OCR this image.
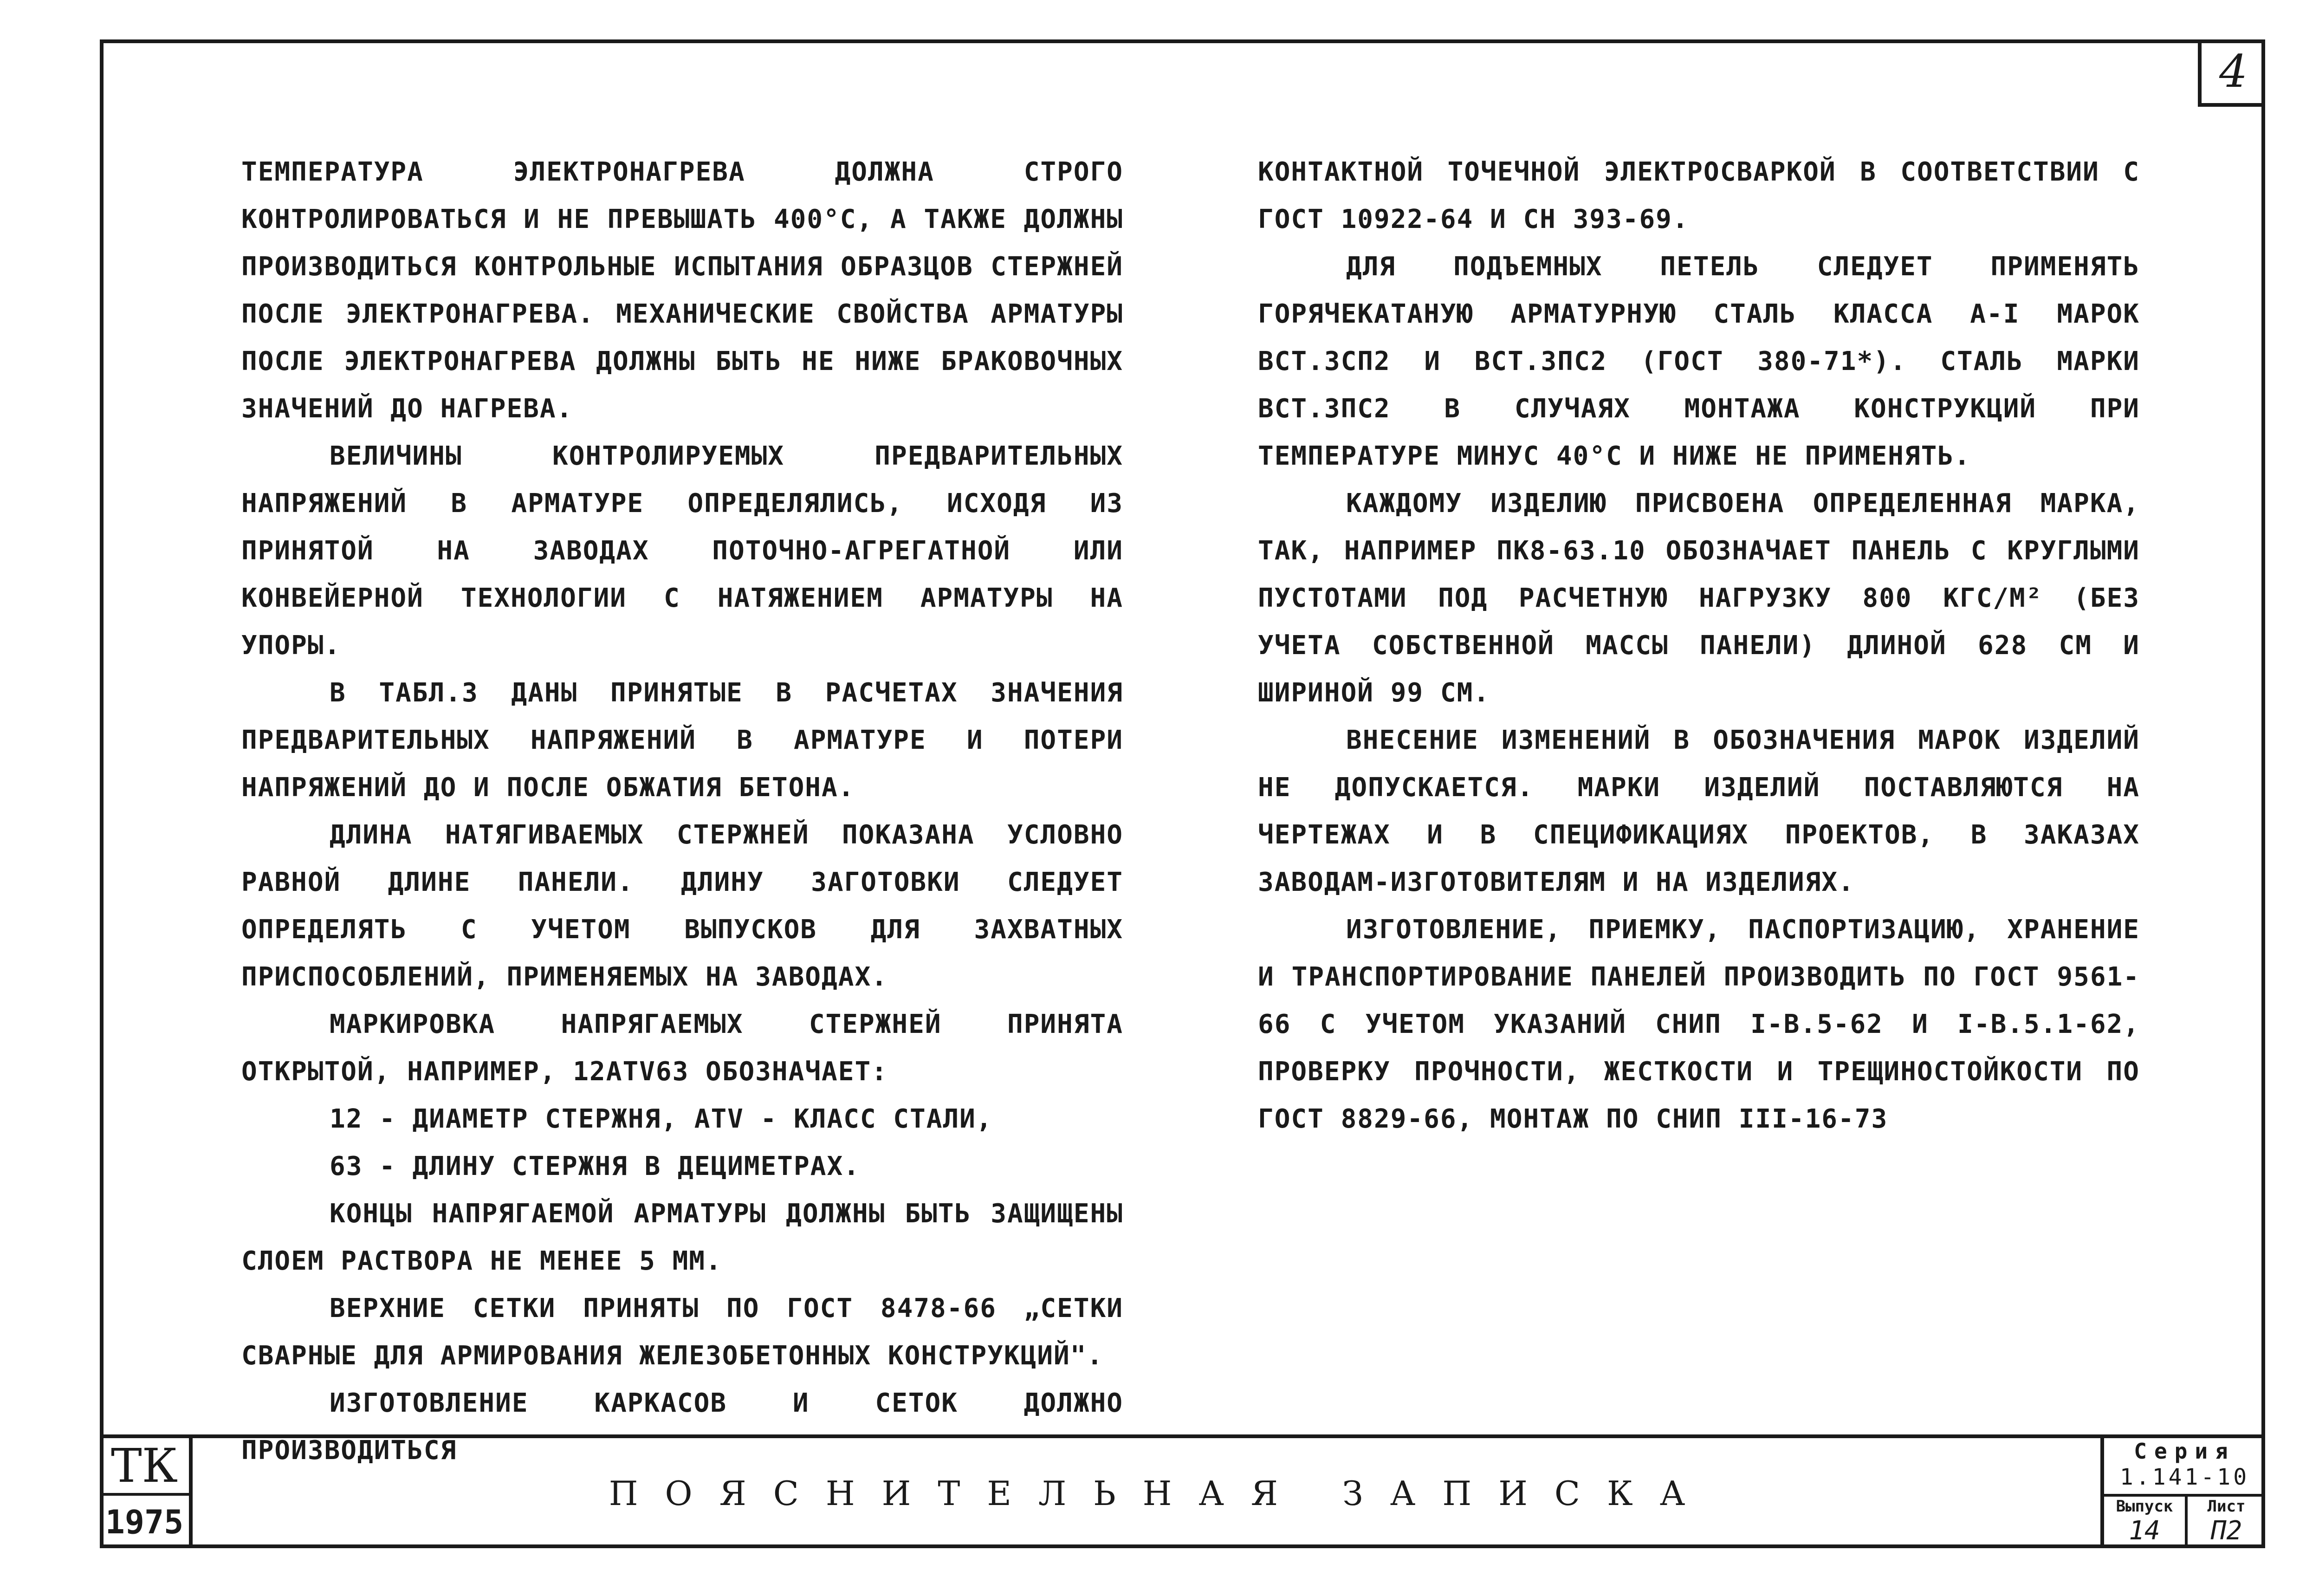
4

ТЕМПЕРАТУРА ЭЛЕКТРОНАГРЕВА ДОЛЖНА СТРОГО КОНТРОЛИРОВАТЬСЯ И НЕ ПРЕВЫШАТЬ 400°С, А ТАКЖЕ ДОЛЖНЫ ПРОИЗВОДИТЬСЯ КОНТРОЛЬНЫЕ ИСПЫТАНИЯ ОБРАЗЦОВ СТЕРЖНЕЙ ПОСЛЕ ЭЛЕКТРОНАГРЕВА. МЕХАНИЧЕСКИЕ СВОЙСТВА АРМАТУРЫ ПОСЛЕ ЭЛЕКТРОНАГРЕВА ДОЛЖНЫ БЫТЬ НЕ НИЖЕ БРАКОВОЧНЫХ ЗНАЧЕНИЙ ДО НАГРЕВА.

ВЕЛИЧИНЫ КОНТРОЛИРУЕМЫХ ПРЕДВАРИТЕЛЬНЫХ НАПРЯЖЕНИЙ В АРМАТУРЕ ОПРЕДЕЛЯЛИСЬ, ИСХОДЯ ИЗ ПРИНЯТОЙ НА ЗАВОДАХ ПОТОЧНО-АГРЕГАТНОЙ ИЛИ КОНВЕЙЕРНОЙ ТЕХНОЛОГИИ С НАТЯЖЕНИЕМ АРМАТУРЫ НА УПОРЫ.

В ТАБЛ.3 ДАНЫ ПРИНЯТЫЕ В РАСЧЕТАХ ЗНАЧЕНИЯ ПРЕДВАРИТЕЛЬНЫХ НАПРЯЖЕНИЙ В АРМАТУРЕ И ПОТЕРИ НАПРЯЖЕНИЙ ДО И ПОСЛЕ ОБЖАТИЯ БЕТОНА.

ДЛИНА НАТЯГИВАЕМЫХ СТЕРЖНЕЙ ПОКАЗАНА УСЛОВНО РАВНОЙ ДЛИНЕ ПАНЕЛИ. ДЛИНУ ЗАГОТОВКИ СЛЕДУЕТ ОПРЕДЕЛЯТЬ С УЧЕТОМ ВЫПУСКОВ ДЛЯ ЗАХВАТНЫХ ПРИСПОСОБЛЕНИЙ, ПРИМЕНЯЕМЫХ НА ЗАВОДАХ.

МАРКИРОВКА НАПРЯГАЕМЫХ СТЕРЖНЕЙ ПРИНЯТА ОТКРЫТОЙ, НАПРИМЕР, 12АТV63 ОБОЗНАЧАЕТ:

12 - ДИАМЕТР СТЕРЖНЯ, АТV - КЛАСС СТАЛИ,

63 - ДЛИНУ СТЕРЖНЯ В ДЕЦИМЕТРАХ.

КОНЦЫ НАПРЯГАЕМОЙ АРМАТУРЫ ДОЛЖНЫ БЫТЬ ЗАЩИЩЕНЫ СЛОЕМ РАСТВОРА НЕ МЕНЕЕ 5 ММ.

ВЕРХНИЕ СЕТКИ ПРИНЯТЫ ПО ГОСТ 8478-66 „СЕТКИ СВАРНЫЕ ДЛЯ АРМИРОВАНИЯ ЖЕЛЕЗОБЕТОННЫХ КОНСТРУКЦИЙ".

ИЗГОТОВЛЕНИЕ КАРКАСОВ И СЕТОК ДОЛЖНО ПРОИЗВОДИТЬСЯ

КОНТАКТНОЙ ТОЧЕЧНОЙ ЭЛЕКТРОСВАРКОЙ В СООТВЕТСТВИИ С ГОСТ 10922-64 И СН 393-69.

ДЛЯ ПОДЪЕМНЫХ ПЕТЕЛЬ СЛЕДУЕТ ПРИМЕНЯТЬ ГОРЯЧЕКАТАНУЮ АРМАТУРНУЮ СТАЛЬ КЛАССА А-I МАРОК ВСТ.3СП2 И ВСТ.3ПС2 (ГОСТ 380-71*). СТАЛЬ МАРКИ ВСТ.3ПС2 В СЛУЧАЯХ МОНТАЖА КОНСТРУКЦИЙ ПРИ ТЕМПЕРАТУРЕ МИНУС 40°С И НИЖЕ НЕ ПРИМЕНЯТЬ.

КАЖДОМУ ИЗДЕЛИЮ ПРИСВОЕНА ОПРЕДЕЛЕННАЯ МАРКА, ТАК, НАПРИМЕР ПК8-63.10 ОБОЗНАЧАЕТ ПАНЕЛЬ С КРУГЛЫМИ ПУСТОТАМИ ПОД РАСЧЕТНУЮ НАГРУЗКУ 800 КГС/М² (БЕЗ УЧЕТА СОБСТВЕННОЙ МАССЫ ПАНЕЛИ) ДЛИНОЙ 628 СМ И ШИРИНОЙ 99 СМ.

ВНЕСЕНИЕ ИЗМЕНЕНИЙ В ОБОЗНАЧЕНИЯ МАРОК ИЗДЕЛИЙ НЕ ДОПУСКАЕТСЯ. МАРКИ ИЗДЕЛИЙ ПОСТАВЛЯЮТСЯ НА ЧЕРТЕЖАХ И В СПЕЦИФИКАЦИЯХ ПРОЕКТОВ, В ЗАКАЗАХ ЗАВОДАМ-ИЗГОТОВИТЕЛЯМ И НА ИЗДЕЛИЯХ.

ИЗГОТОВЛЕНИЕ, ПРИЕМКУ, ПАСПОРТИЗАЦИЮ, ХРАНЕНИЕ И ТРАНСПОРТИРОВАНИЕ ПАНЕЛЕЙ ПРОИЗВОДИТЬ ПО ГОСТ 9561-66 С УЧЕТОМ УКАЗАНИЙ СНИП I-В.5-62 И I-В.5.1-62, ПРОВЕРКУ ПРОЧНОСТИ, ЖЕСТКОСТИ И ТРЕЩИНОСТОЙКОСТИ ПО ГОСТ 8829-66, МОНТАЖ ПО СНИП III-16-73

ТК
1975
ПОЯСНИТЕЛЬНАЯ ЗАПИСКА
Серия
1.141-10
Выпуск
14
Лист
П2
